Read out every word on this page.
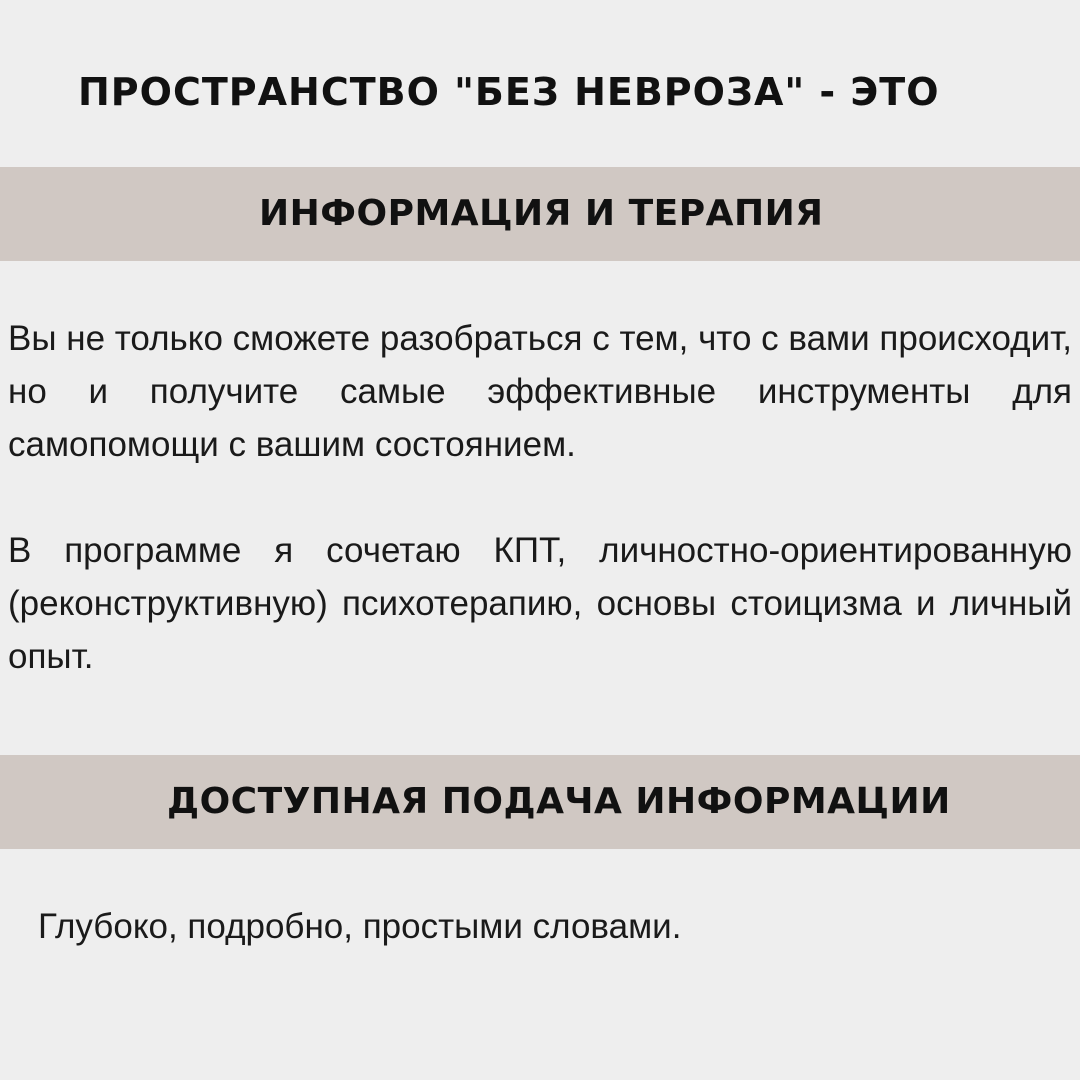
ПРОСТРАНСТВО "БЕЗ НЕВРОЗА" - ЭТО
ИНФОРМАЦИЯ И ТЕРАПИЯ

Вы не только сможете разобраться с тем, что с вами происходит, но и получите самые эффективные инструменты для самопомощи с вашим состоянием.

В программе я сочетаю КПТ, личностно-ориентированную (реконструктивную) психотерапию, основы стоицизма и личный опыт.

ДОСТУПНАЯ ПОДАЧА ИНФОРМАЦИИ

Глубоко, подробно, простыми словами.
